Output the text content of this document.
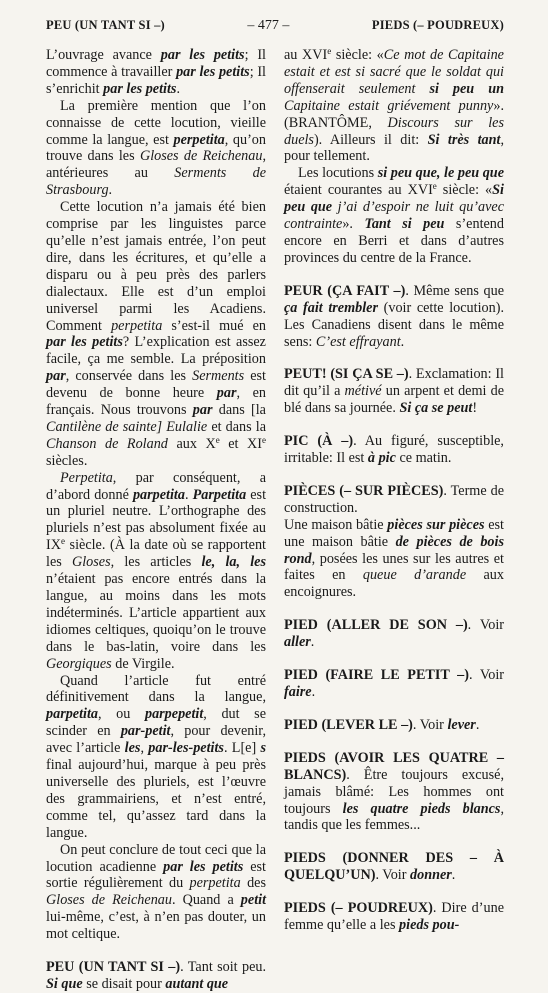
PEU (UN TANT SI –)	– 477 –	PIEDS (– POUDREUX)

L’ouvrage avance par les petits; Il commence à travailler par les petits; Il s’enrichit par les petits.

La première mention que l’on connaisse de cette locution, vieille comme la langue, est perpetita, qu’on trouve dans les Gloses de Reichenau, antérieures au Serments de Strasbourg.

Cette locution n’a jamais été bien comprise par les linguistes parce qu’elle n’est jamais entrée, l’on peut dire, dans les écritures, et qu’elle a disparu ou à peu près des parlers dialectaux. Elle est d’un emploi universel parmi les Acadiens. Comment perpetita s’est-il mué en par les petits? L’explication est assez facile, ça me semble. La préposition par, conservée dans les Serments est devenu de bonne heure par, en français. Nous trouvons par dans [la Cantilène de sainte] Eulalie et dans la Chanson de Roland aux Xe et XIe siècles.

Perpetita, par conséquent, a d’abord donné parpetita. Parpetita est un pluriel neutre. L’orthographe des pluriels n’est pas absolument fixée au IXe siècle. (À la date où se rapportent les Gloses, les articles le, la, les n’étaient pas encore entrés dans la langue, au moins dans les mots indéterminés. L’article appartient aux idiomes celtiques, quoiqu’on le trouve dans le bas-latin, voire dans les Georgiques de Virgile.

Quand l’article fut entré définitivement dans la langue, parpetita, ou parpepetit, dut se scinder en par-petit, pour devenir, avec l’article les, par-les-petits. L[e] s final aujourd’hui, marque à peu près universelle des pluriels, est l’œuvre des grammairiens, et n’est entré, comme tel, qu’assez tard dans la langue.

On peut conclure de tout ceci que la locution acadienne par les petits est sortie régulièrement du perpetita des Gloses de Reichenau. Quand a petit lui-même, c’est, à n’en pas douter, un mot celtique.

PEU (UN TANT SI –). Tant soit peu. Si que se disait pour autant que

au XVIe siècle: «Ce mot de Capitaine estait et est si sacré que le soldat qui offenserait seulement si peu un Capitaine estait griévement punny». (BRANTÔME, Discours sur les duels). Ailleurs il dit: Si très tant, pour tellement.

Les locutions si peu que, le peu que étaient courantes au XVIe siècle: «Si peu que j’ai d’espoir ne luit qu’avec contrainte». Tant si peu s’entend encore en Berri et dans d’autres provinces du centre de la France.

PEUR (ÇA FAIT –). Même sens que ça fait trembler (voir cette locution). Les Canadiens disent dans le même sens: C’est effrayant.

PEUT! (SI ÇA SE –). Exclamation: Il dit qu’il a métivé un arpent et demi de blé dans sa journée. Si ça se peut!

PIC (À –). Au figuré, susceptible, irritable: Il est à pic ce matin.

PIÈCES (– SUR PIÈCES). Terme de construction.

Une maison bâtie pièces sur pièces est une maison bâtie de pièces de bois rond, posées les unes sur les autres et faites en queue d’arande aux encoignures.

PIED (ALLER DE SON –). Voir aller.

PIED (FAIRE LE PETIT –). Voir faire.

PIED (LEVER LE –). Voir lever.

PIEDS (AVOIR LES QUATRE – BLANCS). Être toujours excusé, jamais blâmé: Les hommes ont toujours les quatre pieds blancs, tandis que les femmes...

PIEDS (DONNER DES – À QUELQU’UN). Voir donner.

PIEDS (– POUDREUX). Dire d’une femme qu’elle a les pieds pou-
